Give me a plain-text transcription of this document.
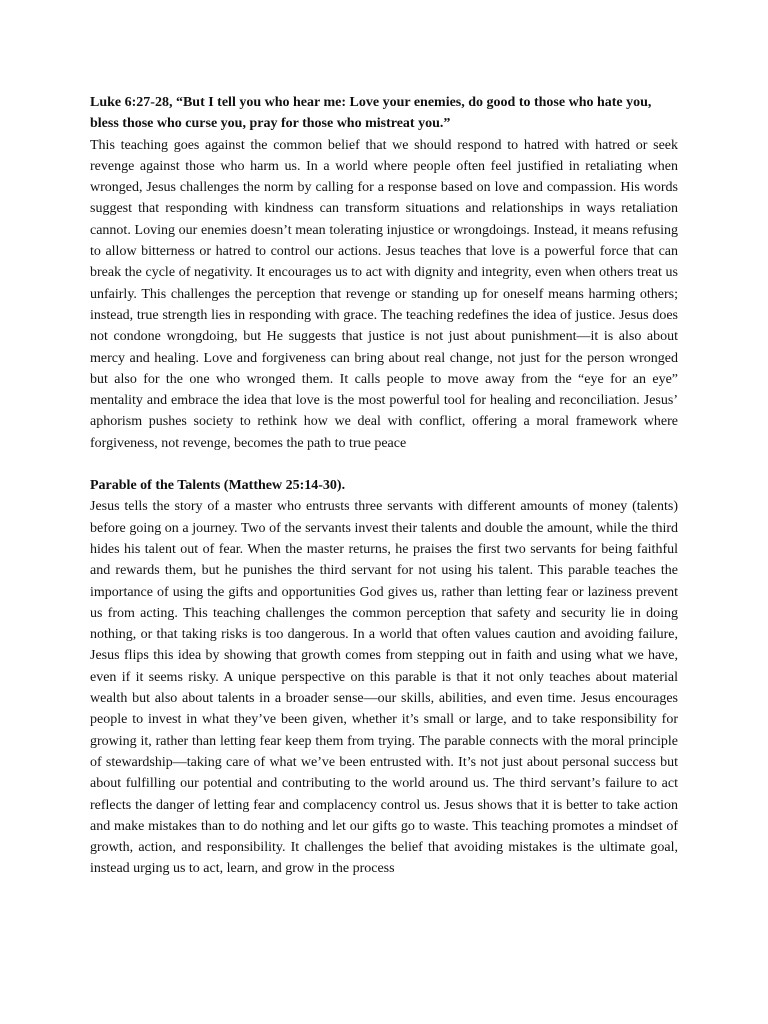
Luke 6:27-28, “But I tell you who hear me: Love your enemies, do good to those who hate you, bless those who curse you, pray for those who mistreat you.”

This teaching goes against the common belief that we should respond to hatred with hatred or seek revenge against those who harm us. In a world where people often feel justified in retaliating when wronged, Jesus challenges the norm by calling for a response based on love and compassion. His words suggest that responding with kindness can transform situations and relationships in ways retaliation cannot. Loving our enemies doesn’t mean tolerating injustice or wrongdoings. Instead, it means refusing to allow bitterness or hatred to control our actions. Jesus teaches that love is a powerful force that can break the cycle of negativity. It encourages us to act with dignity and integrity, even when others treat us unfairly. This challenges the perception that revenge or standing up for oneself means harming others; instead, true strength lies in responding with grace. The teaching redefines the idea of justice. Jesus does not condone wrongdoing, but He suggests that justice is not just about punishment—it is also about mercy and healing. Love and forgiveness can bring about real change, not just for the person wronged but also for the one who wronged them. It calls people to move away from the “eye for an eye” mentality and embrace the idea that love is the most powerful tool for healing and reconciliation. Jesus’ aphorism pushes society to rethink how we deal with conflict, offering a moral framework where forgiveness, not revenge, becomes the path to true peace

Parable of the Talents (Matthew 25:14-30).

Jesus tells the story of a master who entrusts three servants with different amounts of money (talents) before going on a journey. Two of the servants invest their talents and double the amount, while the third hides his talent out of fear. When the master returns, he praises the first two servants for being faithful and rewards them, but he punishes the third servant for not using his talent. This parable teaches the importance of using the gifts and opportunities God gives us, rather than letting fear or laziness prevent us from acting. This teaching challenges the common perception that safety and security lie in doing nothing, or that taking risks is too dangerous. In a world that often values caution and avoiding failure, Jesus flips this idea by showing that growth comes from stepping out in faith and using what we have, even if it seems risky. A unique perspective on this parable is that it not only teaches about material wealth but also about talents in a broader sense—our skills, abilities, and even time. Jesus encourages people to invest in what they’ve been given, whether it’s small or large, and to take responsibility for growing it, rather than letting fear keep them from trying. The parable connects with the moral principle of stewardship—taking care of what we’ve been entrusted with. It’s not just about personal success but about fulfilling our potential and contributing to the world around us. The third servant’s failure to act reflects the danger of letting fear and complacency control us. Jesus shows that it is better to take action and make mistakes than to do nothing and let our gifts go to waste. This teaching promotes a mindset of growth, action, and responsibility. It challenges the belief that avoiding mistakes is the ultimate goal, instead urging us to act, learn, and grow in the process
